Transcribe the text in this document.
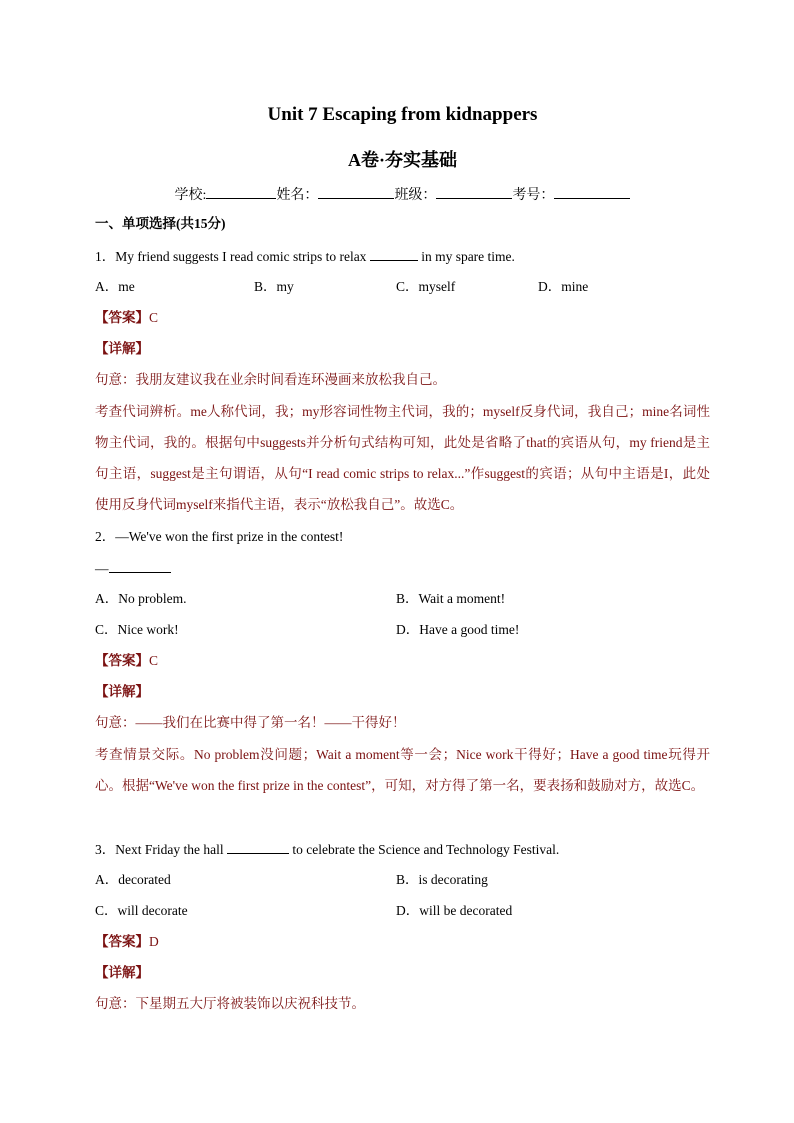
Unit 7 Escaping from kidnappers
A卷·夯实基础
学校:	姓名：	班级：	考号：
一、单项选择(共15分)
1．My friend suggests I read comic strips to relax	in my spare time.
A．me	B．my	C．myself	D．mine
【答案】C
【详解】
句意：我朋友建议我在业余时间看连环漫画来放松我自己。
考查代词辨析。me人称代词，我；my形容词性物主代词，我的；myself反身代词，我自己；mine名词性物主代词，我的。根据句中suggests并分析句式结构可知，此处是省略了that的宾语从句，my friend是主句主语，suggest是主句谓语，从句“I read comic strips to relax...”作suggest的宾语；从句中主语是I，此处使用反身代词myself来指代主语，表示“放松我自己”。故选C。
2．—We've won the first prize in the contest!
—
A．No problem.	B．Wait a moment!
C．Nice work!	D．Have a good time!
【答案】C
【详解】
句意：——我们在比赛中得了第一名！——干得好！
考查情景交际。No problem没问题；Wait a moment等一会；Nice work干得好；Have a good time玩得开心。根据“We've won the first prize in the contest”，可知，对方得了第一名，要表扬和鼓励对方，故选C。
3．Next Friday the hall	to celebrate the Science and Technology Festival.
A．decorated	B．is decorating
C．will decorate	D．will be decorated
【答案】D
【详解】
句意：下星期五大厅将被装饰以庆祝科技节。
